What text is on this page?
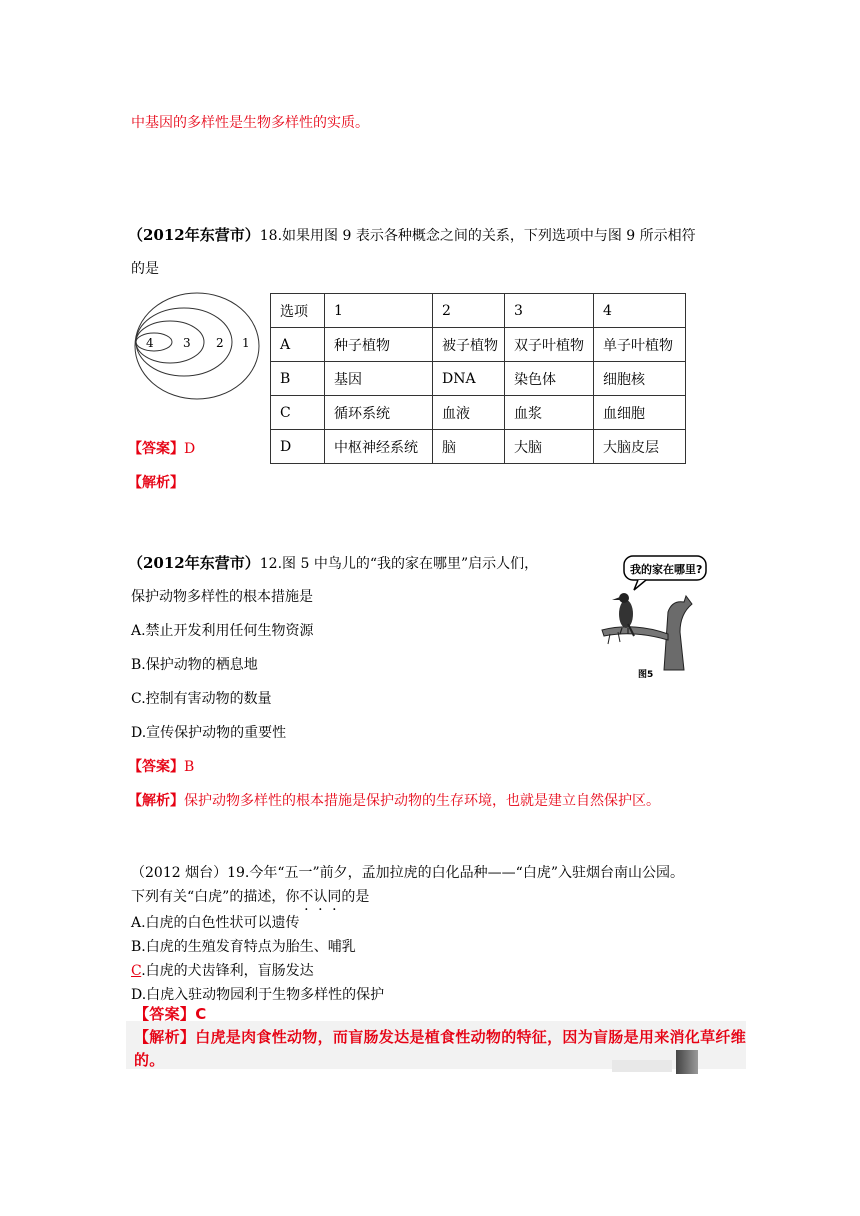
中基因的多样性是生物多样性的实质。
（2012年东营市）18.如果用图 9 表示各种概念之间的关系，下列选项中与图 9 所示相符
的是
4 3 2 1
选项	1	2	3	4
A	种子植物	被子植物	双子叶植物	单子叶植物
B	基因	DNA	染色体	细胞核
C	循环系统	血液	血浆	血细胞
D	中枢神经系统	脑	大脑	大脑皮层
【答案】D
【解析】
（2012年东营市）12.图 5 中鸟儿的“我的家在哪里”启示人们，
保护动物多样性的根本措施是
A.禁止开发利用任何生物资源
B.保护动物的栖息地
C.控制有害动物的数量
D.宣传保护动物的重要性
我的家在哪里?
图5
【答案】B
【解析】保护动物多样性的根本措施是保护动物的生存环境，也就是建立自然保护区。
（2012 烟台）19.今年“五一”前夕，孟加拉虎的白化品种——“白虎”入驻烟台南山公园。
下列有关“白虎”的描述，你不认同的是
A.白虎的白色性状可以遗传
B.白虎的生殖发育特点为胎生、哺乳
C.白虎的犬齿锋利，盲肠发达
D.白虎入驻动物园利于生物多样性的保护
【答案】C
【解析】白虎是肉食性动物，而盲肠发达是植食性动物的特征，因为盲肠是用来消化草纤维
的。
